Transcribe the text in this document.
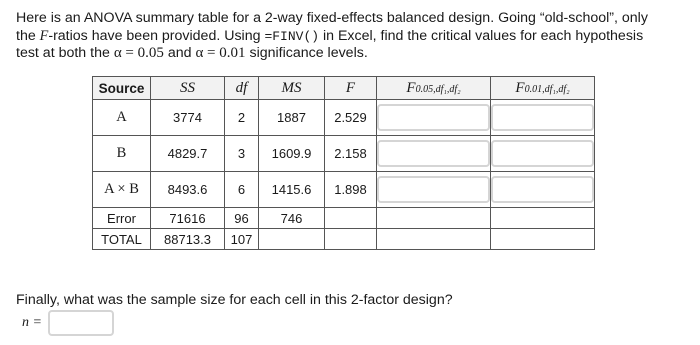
Here is an ANOVA summary table for a 2-way fixed-effects balanced design. Going “old-school”, only
the F-ratios have been provided. Using =FINV() in Excel, find the critical values for each hypothesis
test at both the α = 0.05 and α = 0.01 significance levels.
Source	SS	df	MS	F	F0.05,df₁,df₂	F0.01,df₁,df₂
A	3774	2	1887	2.529	

B	4829.7	3	1609.9	2.158	

A × B	8493.6	6	1415.6	1.898	

Error	71616	96	746			
TOTAL	88713.3	107				
Finally, what was the sample size for each cell in this 2-factor design?
n =
